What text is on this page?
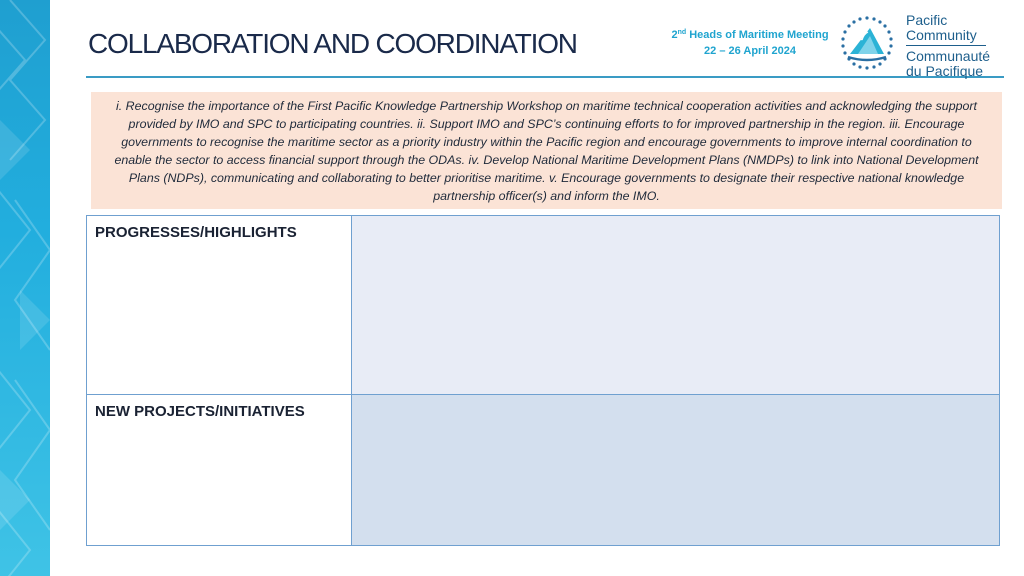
COLLABORATION AND COORDINATION	2nd Heads of Maritime Meeting
22 – 26 April 2024
Pacific
Community
Communauté
du Pacifique
i. Recognise the importance of the First Pacific Knowledge Partnership Workshop on maritime technical cooperation activities and acknowledging the support provided by IMO and SPC to participating countries. ii. Support IMO and SPC’s continuing efforts to for improved partnership in the region. iii. Encourage governments to recognise the maritime sector as a priority industry within the Pacific region and encourage governments to improve internal coordination to enable the sector to access financial support through the ODAs. iv. Develop National Maritime Development Plans (NMDPs) to link into National Development Plans (NDPs), communicating and collaborating to better prioritise maritime. v. Encourage governments to designate their respective national knowledge partnership officer(s) and inform the IMO.
PROGRESSES/HIGHLIGHTS
NEW PROJECTS/INITIATIVES
